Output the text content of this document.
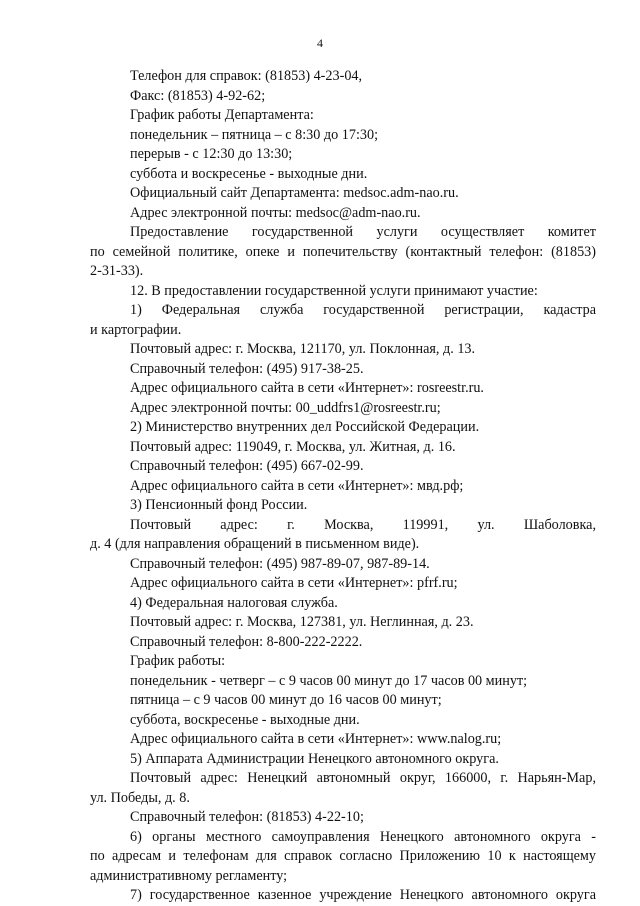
4
Телефон для справок: (81853) 4-23-04,
Факс: (81853) 4-92-62;
График работы Департамента:
понедельник – пятница – с 8:30 до 17:30;
перерыв - с 12:30 до 13:30;
суббота и воскресенье - выходные дни.
Официальный сайт Департамента: medsoc.adm-nao.ru.
Адрес электронной почты: medsoc@adm-nao.ru.
Предоставление государственной услуги осуществляет комитет
по семейной политике, опеке и попечительству (контактный телефон: (81853)
2-31-33).
12. В предоставлении государственной услуги принимают участие:
1) Федеральная служба государственной регистрации, кадастра
и картографии.
Почтовый адрес: г. Москва, 121170, ул. Поклонная, д. 13.
Справочный телефон: (495) 917-38-25.
Адрес официального сайта в сети «Интернет»: rosreestr.ru.
Адрес электронной почты: 00_uddfrs1@rosreestr.ru;
2) Министерство внутренних дел Российской Федерации.
Почтовый адрес: 119049, г. Москва, ул. Житная, д. 16.
Справочный телефон: (495) 667-02-99.
Адрес официального сайта в сети «Интернет»: мвд.рф;
3) Пенсионный фонд России.
Почтовый адрес: г. Москва, 119991, ул. Шаболовка,
д. 4 (для направления обращений в письменном виде).
Справочный телефон: (495) 987-89-07, 987-89-14.
Адрес официального сайта в сети «Интернет»: pfrf.ru;
4) Федеральная налоговая служба.
Почтовый адрес: г. Москва, 127381, ул. Неглинная, д. 23.
Справочный телефон: 8-800-222-2222.
График работы:
понедельник - четверг – с 9 часов 00 минут до 17 часов 00 минут;
пятница – с 9 часов 00 минут до 16 часов 00 минут;
суббота, воскресенье - выходные дни.
Адрес официального сайта в сети «Интернет»: www.nalog.ru;
5) Аппарата Администрации Ненецкого автономного округа.
Почтовый адрес: Ненецкий автономный округ, 166000, г. Нарьян-Мар,
ул. Победы, д. 8.
Справочный телефон: (81853) 4-22-10;
6) органы местного самоуправления Ненецкого автономного округа -
по адресам и телефонам для справок согласно Приложению 10 к настоящему
административному регламенту;
7) государственное казенное учреждение Ненецкого автономного округа
